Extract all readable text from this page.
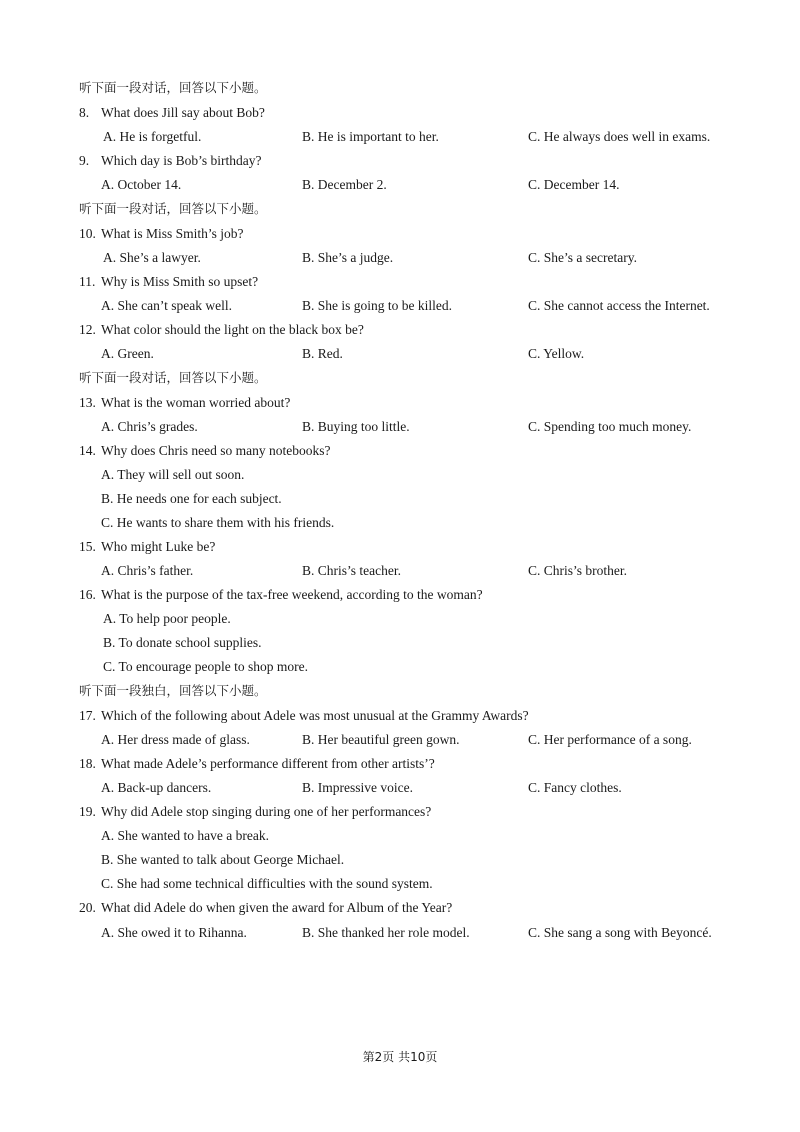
听下面一段对话，回答以下小题。
8. What does Jill say about Bob?
A. He is forgetful.	B. He is important to her.	C. He always does well in exams.
9. Which day is Bob’s birthday?
A. October 14.	B. December 2.	C. December 14.
听下面一段对话，回答以下小题。
10. What is Miss Smith’s job?
A. She’s a lawyer.	B. She’s a judge.	C. She’s a secretary.
11. Why is Miss Smith so upset?
A. She can’t speak well.	B. She is going to be killed.	C. She cannot access the Internet.
12. What color should the light on the black box be?
A. Green.	B. Red.	C. Yellow.
听下面一段对话，回答以下小题。
13. What is the woman worried about?
A. Chris’s grades.	B. Buying too little.	C. Spending too much money.
14. Why does Chris need so many notebooks?
A. They will sell out soon.
B. He needs one for each subject.
C. He wants to share them with his friends.
15. Who might Luke be?
A. Chris’s father.	B. Chris’s teacher.	C. Chris’s brother.
16. What is the purpose of the tax-free weekend, according to the woman?
A. To help poor people.
B. To donate school supplies.
C. To encourage people to shop more.
听下面一段独白，回答以下小题。
17. Which of the following about Adele was most unusual at the Grammy Awards?
A. Her dress made of glass.	B. Her beautiful green gown.	C. Her performance of a song.
18. What made Adele’s performance different from other artists’?
A. Back-up dancers.	B. Impressive voice.	C. Fancy clothes.
19. Why did Adele stop singing during one of her performances?
A. She wanted to have a break.
B. She wanted to talk about George Michael.
C. She had some technical difficulties with the sound system.
20. What did Adele do when given the award for Album of the Year?
A. She owed it to Rihanna.	B. She thanked her role model.	C. She sang a song with Beyoncé.
第2页 共10页
